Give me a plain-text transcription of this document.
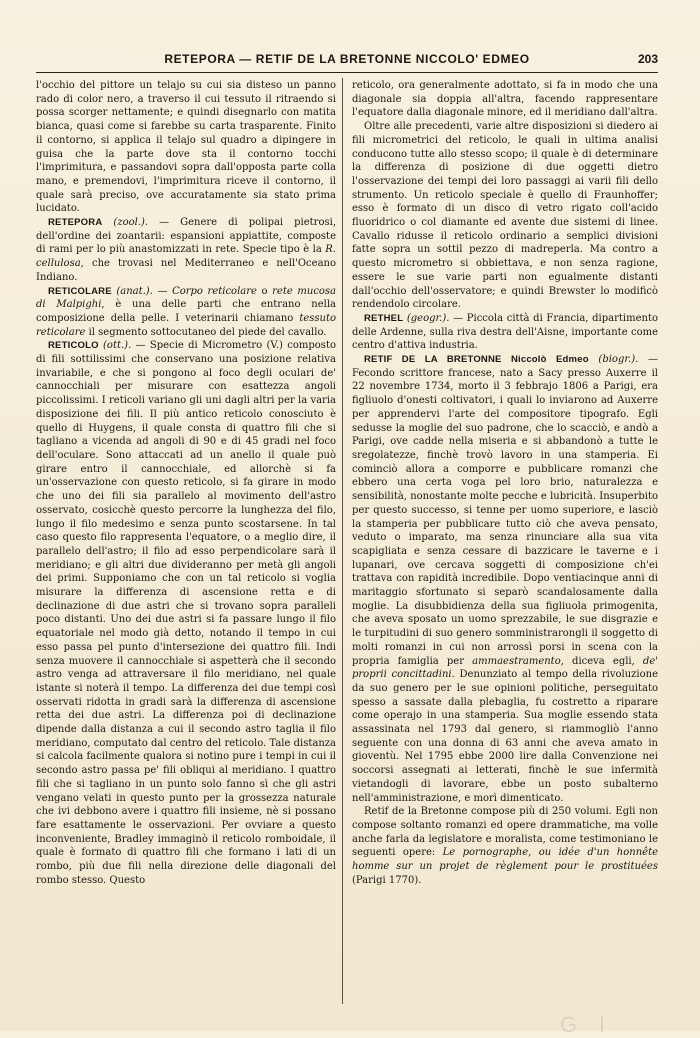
RETEPORA — RETIF DE LA BRETONNE NICCOLO' EDMEO	203

l'occhio del pittore un telajo su cui sia disteso un panno rado di color nero, a traverso il cui tessuto il ritraendo si possa scorger nettamente; e quindi disegnarlo con matita bianca, quasi come si farebbe su carta trasparente. Finito il contorno, si applica il telajo sul quadro a dipingere in guisa che la parte dove sta il contorno tocchi l'imprimitura, e passandovi sopra dall'opposta parte colla mano, e premendovi, l'imprimitura riceve il contorno, il quale sarà preciso, ove accuratamente sia stato prima lucidato.

RETEPORA (zool.). — Genere di polipai pietrosi, dell'ordine dei zoantarii: espansioni appiattite, composte di rami per lo più anastomizzati in rete. Specie tipo è la R. cellulosa, che trovasi nel Mediterraneo e nell'Oceano Indiano.

RETICOLARE (anat.). — Corpo reticolare o rete mucosa di Malpighi, è una delle parti che entrano nella composizione della pelle. I veterinarii chiamano tessuto reticolare il segmento sottocutaneo del piede del cavallo.

RETICOLO (ott.). — Specie di Micrometro (V.) composto di fili sottilissimi che conservano una posizione relativa invariabile, e che si pongono al foco degli oculari de' cannocchiali per misurare con esattezza angoli piccolissimi. I reticoli variano gli uni dagli altri per la varia disposizione dei fili. Il più antico reticolo conosciuto è quello di Huygens, il quale consta di quattro fili che si tagliano a vicenda ad angoli di 90 e di 45 gradi nel foco dell'oculare. Sono attaccati ad un anello il quale può girare entro il cannocchiale, ed allorchè si fa un'osservazione con questo reticolo, si fa girare in modo che uno dei fili sia parallelo al movimento dell'astro osservato, cosicchè questo percorre la lunghezza del filo, lungo il filo medesimo e senza punto scostarsene. In tal caso questo filo rappresenta l'equatore, o a meglio dire, il parallelo dell'astro; il filo ad esso perpendicolare sarà il meridiano; e gli altri due divideranno per metà gli angoli dei primi. Supponiamo che con un tal reticolo si voglia misurare la differenza di ascensione retta e di declinazione di due astri che si trovano sopra paralleli poco distanti. Uno dei due astri si fa passare lungo il filo equatoriale nel modo già detto, notando il tempo in cui esso passa pel punto d'intersezione dei quattro fili. Indi senza muovere il cannocchiale si aspetterà che il secondo astro venga ad attraversare il filo meridiano, nel quale istante si noterà il tempo. La differenza dei due tempi così osservati ridotta in gradi sarà la differenza di ascensione retta dei due astri. La differenza poi di declinazione dipende dalla distanza a cui il secondo astro taglia il filo meridiano, computato dal centro del reticolo. Tale distanza si calcola facilmente qualora si notino pure i tempi in cui il secondo astro passa pe' fili obliqui al meridiano. I quattro fili che si tagliano in un punto solo fanno sì che gli astri vengano velati in questo punto per la grossezza naturale che ivi debbono avere i quattro fili insieme, nè si possano fare esattamente le osservazioni. Per ovviare a questo inconveniente, Bradley immaginò il reticolo romboidale, il quale è formato di quattro fili che formano i lati di un rombo, più due fili nella direzione delle diagonali del rombo stesso. Questo

reticolo, ora generalmente adottato, si fa in modo che una diagonale sia doppia all'altra, facendo rappresentare l'equatore dalla diagonale minore, ed il meridiano dall'altra.

Oltre alle precedenti, varie altre disposizioni si diedero ai fili micrometrici del reticolo, le quali in ultima analisi conducono tutte allo stesso scopo; il quale è di determinare la differenza di posizione di due oggetti dietro l'osservazione dei tempi dei loro passaggi ai varii fili dello strumento. Un reticolo speciale è quello di Fraunhoffer; esso è formato di un disco di vetro rigato coll'acido fluoridrico o col diamante ed avente due sistemi di linee. Cavallo ridusse il reticolo ordinario a semplici divisioni fatte sopra un sottil pezzo di madreperla. Ma contro a questo micrometro si obbiettava, e non senza ragione, essere le sue varie parti non egualmente distanti dall'occhio dell'osservatore; e quindi Brewster lo modificò rendendolo circolare.

RETHEL (geogr.). — Piccola città di Francia, dipartimento delle Ardenne, sulla riva destra dell'Aisne, importante come centro d'attiva industria.

RETIF DE LA BRETONNE Niccolò Edmeo (biogr.). — Fecondo scrittore francese, nato a Sacy presso Auxerre il 22 novembre 1734, morto il 3 febbrajo 1806 a Parigi, era figliuolo d'onesti coltivatori, i quali lo inviarono ad Auxerre per apprendervi l'arte del compositore tipografo. Egli sedusse la moglie del suo padrone, che lo scacciò, e andò a Parigi, ove cadde nella miseria e si abbandonò a tutte le sregolatezze, finchè trovò lavoro in una stamperia. Ei cominciò allora a comporre e pubblicare romanzi che ebbero una certa voga pel loro brio, naturalezza e sensibilità, nonostante molte pecche e lubricità. Insuperbito per questo successo, si tenne per uomo superiore, e lasciò la stamperia per pubblicare tutto ciò che aveva pensato, veduto o imparato, ma senza rinunciare alla sua vita scapigliata e senza cessare di bazzicare le taverne e i lupanari, ove cercava soggetti di composizione ch'ei trattava con rapidità incredibile. Dopo ventiacinque anni di maritaggio sfortunato si separò scandalosamente dalla moglie. La disubbidienza della sua figliuola primogenita, che aveva sposato un uomo sprezzabile, le sue disgrazie e le turpitudini di suo genero somministrarongli il soggetto di molti romanzi in cui non arrossì porsi in scena con la propria famiglia per ammaestramento, diceva egli, de' proprii concittadini. Denunziato al tempo della rivoluzione da suo genero per le sue opinioni politiche, perseguitato spesso a sassate dalla plebaglia, fu costretto a riparare come operajo in una stamperia. Sua moglie essendo stata assassinata nel 1793 dal genero, si riammogliò l'anno seguente con una donna di 63 anni che aveva amato in gioventù. Nel 1795 ebbe 2000 lire dalla Convenzione nei soccorsi assegnati ai letterati, finchè le sue infermità vietandogli di lavorare, ebbe un posto subalterno nell'amministrazione, e morì dimenticato.

Retif de la Bretonne compose più di 250 volumi. Egli non compose soltanto romanzi ed opere drammatiche, ma volle anche farla da legislatore e moralista, come testimoniano le seguenti opere: Le pornographe, ou idée d'un honnête homme sur un projet de règlement pour le prostituées (Parigi 1770).

G   l
